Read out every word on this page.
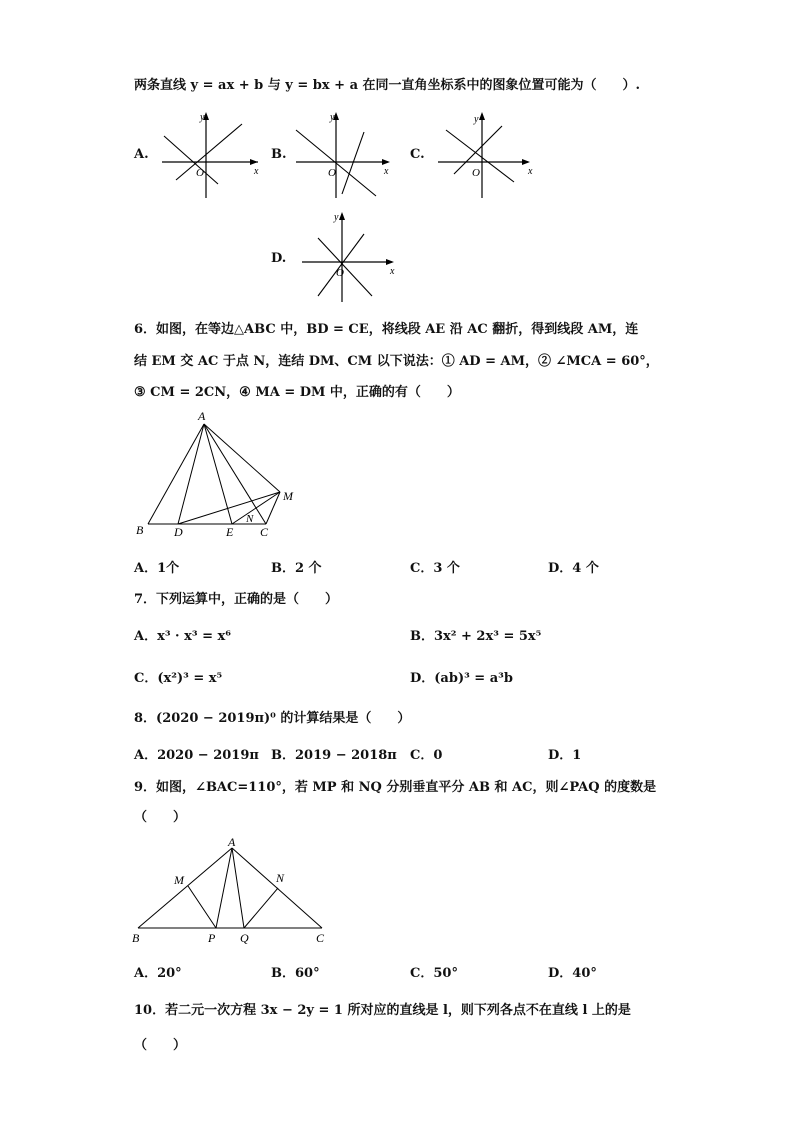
两条直线 y = ax + b 与 y = bx + a 在同一直角坐标系中的图象位置可能为（　　）.
A.
y
x
O
B.
y
x
O
C.
y
x
O
D.
y
x
O
6．如图，在等边△ABC 中，BD = CE，将线段 AE 沿 AC 翻折，得到线段 AM，连
结 EM 交 AC 于点 N，连结 DM、CM 以下说法：① AD = AM，② ∠MCA = 60°，
③ CM = 2CN，④ MA = DM 中，正确的有（　　）
A
B	D	E C
N
M
A．1个	B．2 个	C．3 个	D．4 个
7．下列运算中，正确的是（　　）
A．x³ · x³ = x⁶	B．3x² + 2x³ = 5x⁵
C．(x²)³ = x⁵	D．(ab)³ = a³b
8．(2020 − 2019π)⁰ 的计算结果是（　　）
A．2020 − 2019π B．2019 − 2018π C．0	D．1
9．如图，∠BAC=110°，若 MP 和 NQ 分别垂直平分 AB 和 AC，则∠PAQ 的度数是
（　　）
A
M	N
B	P Q	C
A．20°	B．60°	C．50°	D．40°
10．若二元一次方程 3x − 2y = 1 所对应的直线是 l，则下列各点不在直线 l 上的是
（　　）
